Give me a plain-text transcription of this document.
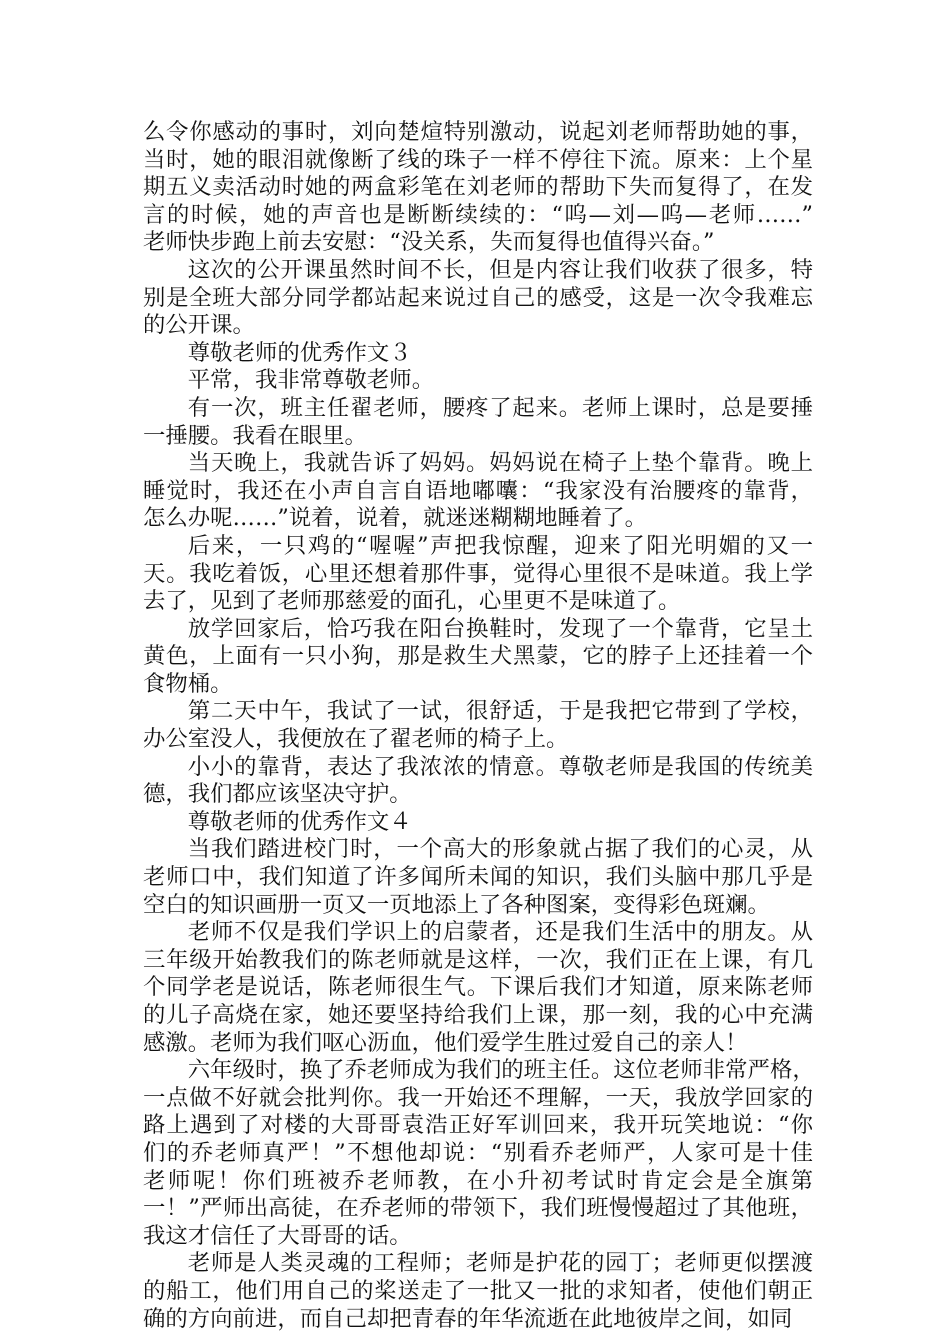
么令你感动的事时，刘向楚煊特别激动，说起刘老师帮助她的事，
当时，她的眼泪就像断了线的珠子一样不停往下流。原来：上个星
期五义卖活动时她的两盒彩笔在刘老师的帮助下失而复得了，在发
言的时候，她的声音也是断断续续的：“呜—刘—呜—老师……”
老师快步跑上前去安慰：“没关系，失而复得也值得兴奋。”
这次的公开课虽然时间不长，但是内容让我们收获了很多，特
别是全班大部分同学都站起来说过自己的感受，这是一次令我难忘
的公开课。
尊敬老师的优秀作文３
平常，我非常尊敬老师。
有一次，班主任翟老师，腰疼了起来。老师上课时，总是要捶
一捶腰。我看在眼里。
当天晚上，我就告诉了妈妈。妈妈说在椅子上垫个靠背。晚上
睡觉时，我还在小声自言自语地嘟囔：“我家没有治腰疼的靠背，
怎么办呢……”说着，说着，就迷迷糊糊地睡着了。
后来，一只鸡的“喔喔”声把我惊醒，迎来了阳光明媚的又一
天。我吃着饭，心里还想着那件事，觉得心里很不是味道。我上学
去了，见到了老师那慈爱的面孔，心里更不是味道了。
放学回家后，恰巧我在阳台换鞋时，发现了一个靠背，它呈土
黄色，上面有一只小狗，那是救生犬黑蒙，它的脖子上还挂着一个
食物桶。
第二天中午，我试了一试，很舒适，于是我把它带到了学校，
办公室没人，我便放在了翟老师的椅子上。
小小的靠背，表达了我浓浓的情意。尊敬老师是我国的传统美
德，我们都应该坚决守护。
尊敬老师的优秀作文４
当我们踏进校门时，一个高大的形象就占据了我们的心灵，从
老师口中，我们知道了许多闻所未闻的知识，我们头脑中那几乎是
空白的知识画册一页又一页地添上了各种图案，变得彩色斑斓。
老师不仅是我们学识上的启蒙者，还是我们生活中的朋友。从
三年级开始教我们的陈老师就是这样，一次，我们正在上课，有几
个同学老是说话，陈老师很生气。下课后我们才知道，原来陈老师
的儿子高烧在家，她还要坚持给我们上课，那一刻，我的心中充满
感激。老师为我们呕心沥血，他们爱学生胜过爱自己的亲人！
六年级时，换了乔老师成为我们的班主任。这位老师非常严格，
一点做不好就会批判你。我一开始还不理解，一天，我放学回家的
路上遇到了对楼的大哥哥袁浩正好军训回来，我开玩笑地说：“你
们的乔老师真严！”不想他却说：“别看乔老师严，人家可是十佳
老师呢！你们班被乔老师教，在小升初考试时肯定会是全旗第
一！”严师出高徒，在乔老师的带领下，我们班慢慢超过了其他班，
我这才信任了大哥哥的话。
老师是人类灵魂的工程师；老师是护花的园丁；老师更似摆渡
的船工，他们用自己的桨送走了一批又一批的求知者，使他们朝正
确的方向前进，而自己却把青春的年华流逝在此地彼岸之间，如同
